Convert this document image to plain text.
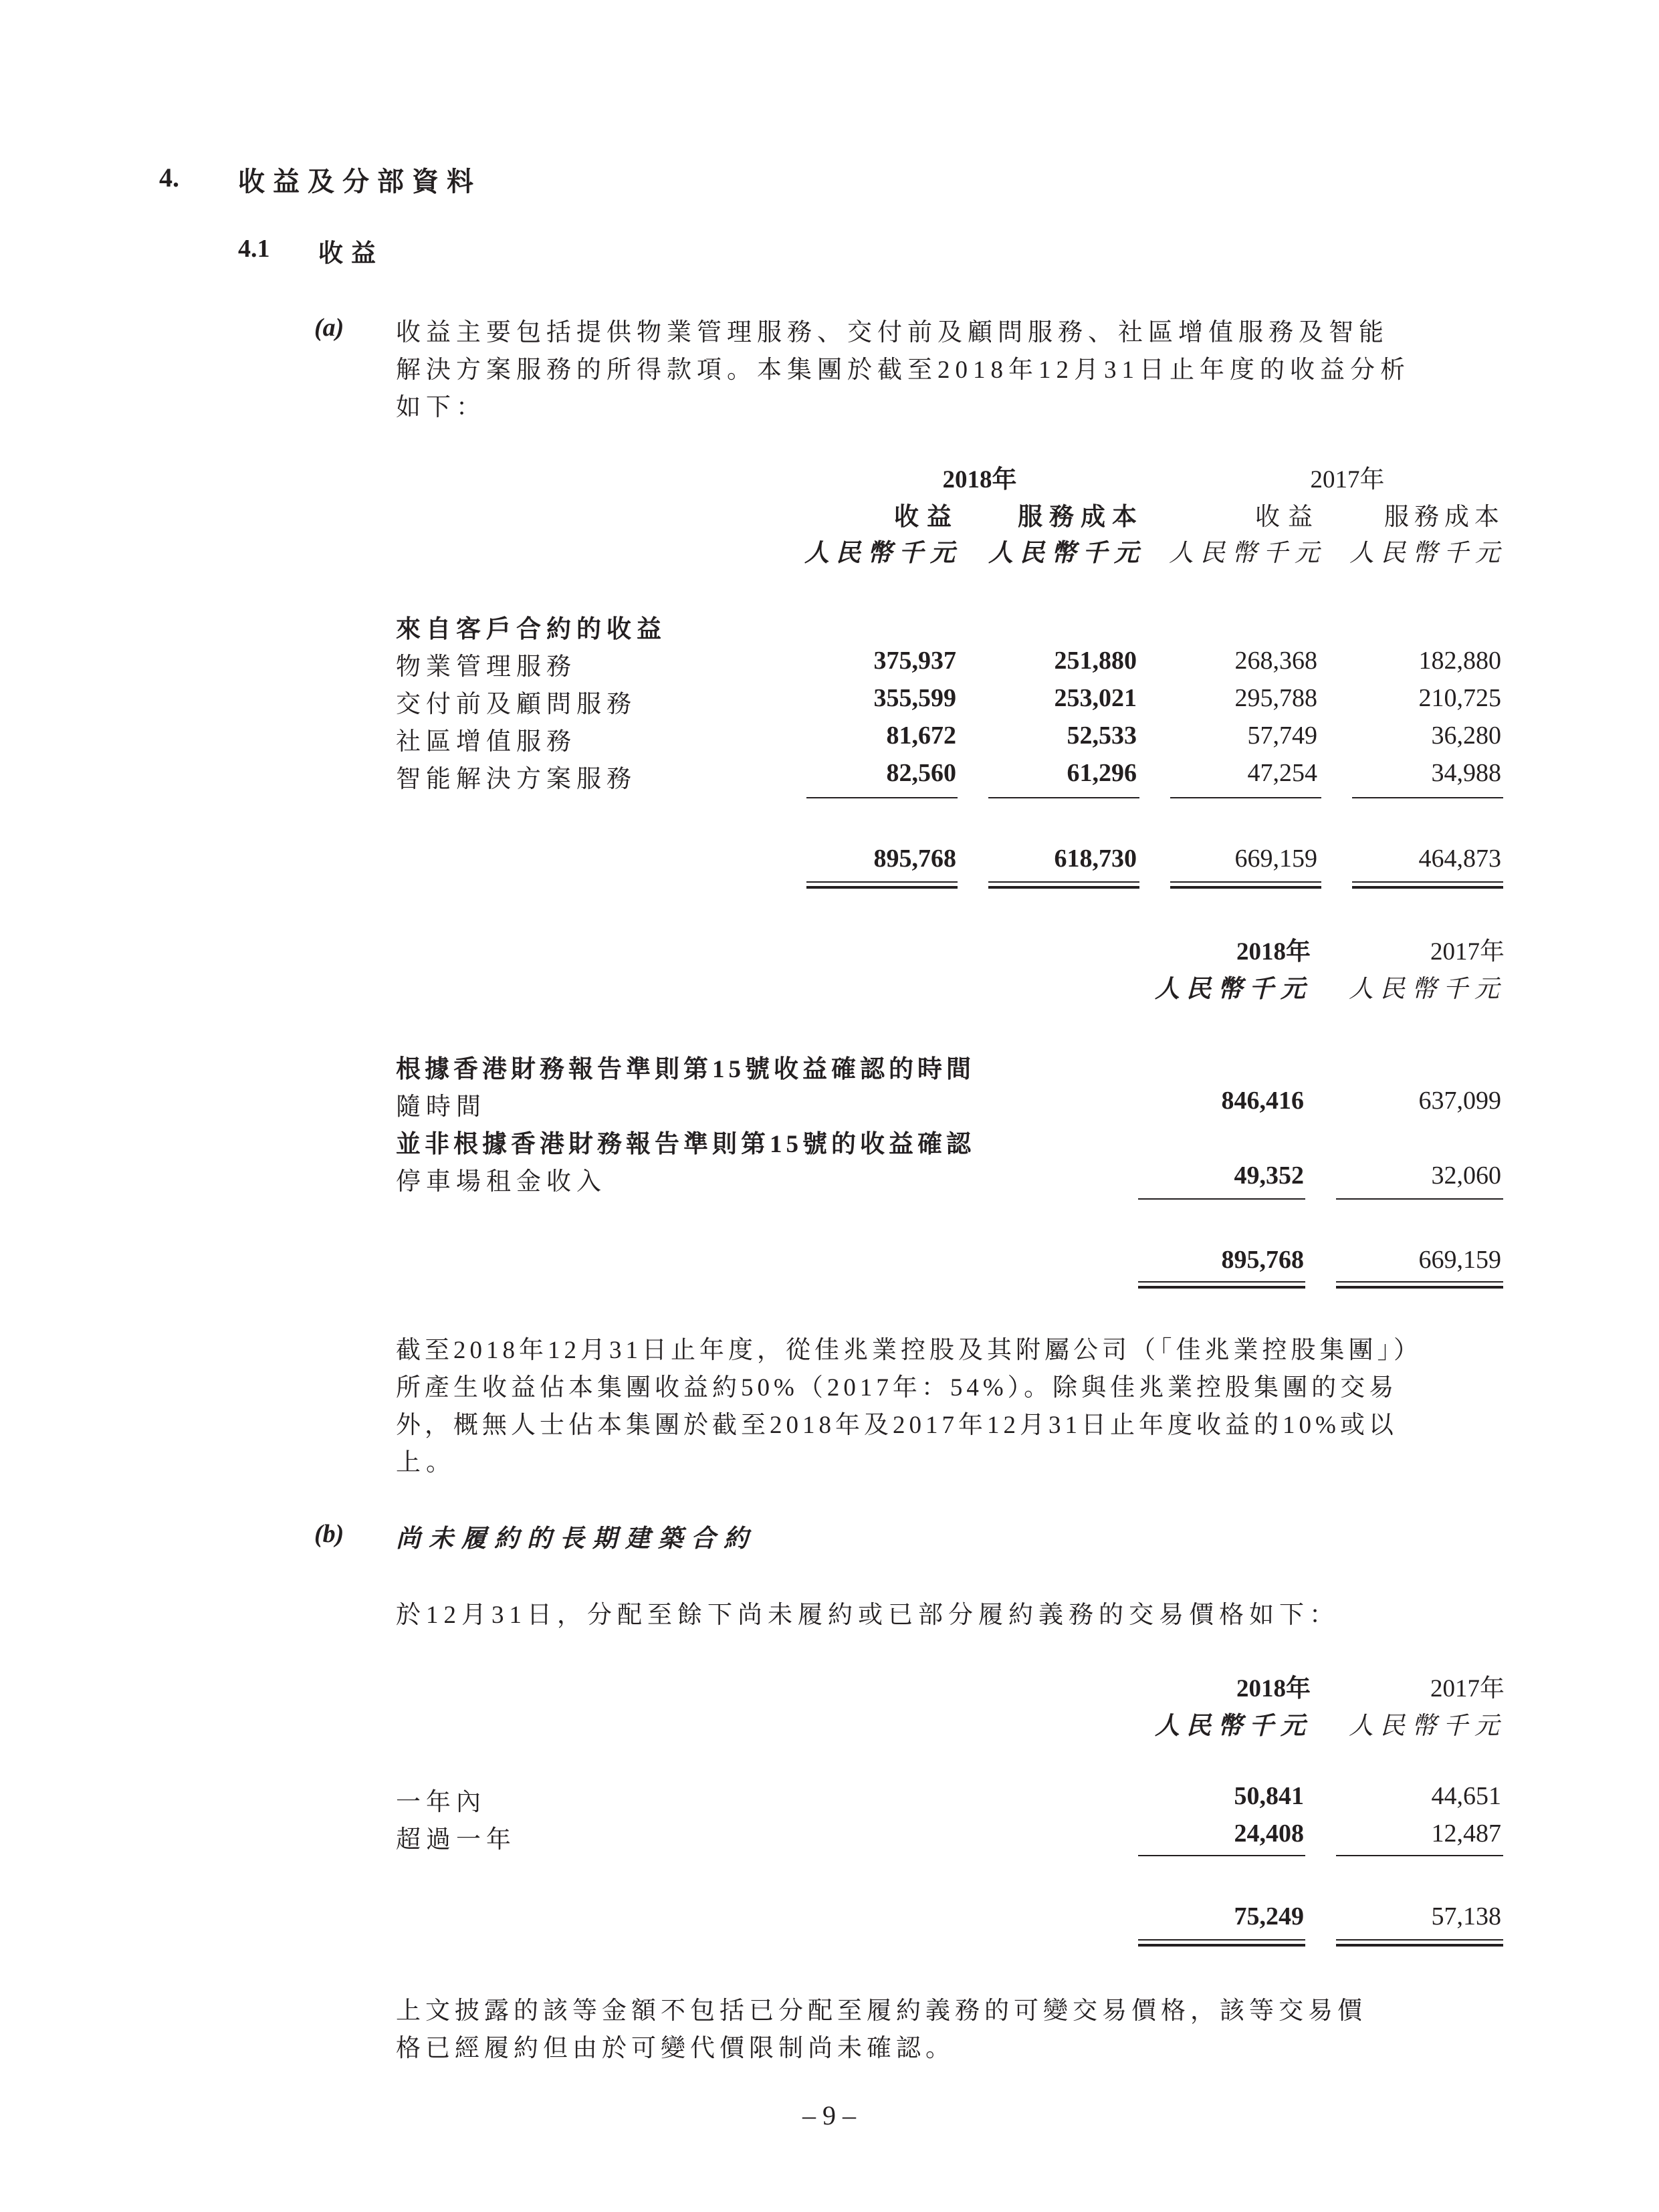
4. 收益及分部資料
4.1 收益
(a) 收益主要包括提供物業管理服務、交付前及顧問服務、社區增值服務及智能
解決方案服務的所得款項。本集團於截至2018年12月31日止年度的收益分析
如下：
2018年	2017年
收益	服務成本	收益	服務成本
人民幣千元	人民幣千元 人民幣千元 人民幣千元
來自客戶合約的收益
物業管理服務	375,937	251,880	268,368	182,880
交付前及顧問服務	355,599	253,021	295,788	210,725
社區增值服務	81,672	52,533	57,749	36,280
智能解決方案服務	82,560	61,296	47,254	34,988
895,768	618,730	669,159	464,873
2018年	2017年
人民幣千元	人民幣千元
根據香港財務報告準則第15號收益確認的時間
隨時間	846,416	637,099
並非根據香港財務報告準則第15號的收益確認
停車場租金收入	49,352	32,060
895,768	669,159
截至2018年12月31日止年度，從佳兆業控股及其附屬公司（「佳兆業控股集團」）
所產生收益佔本集團收益約50%（2017年：54%）。除與佳兆業控股集團的交易
外，概無人士佔本集團於截至2018年及2017年12月31日止年度收益的10%或以
上。
(b) 尚未履約的長期建築合約
於12月31日，分配至餘下尚未履約或已部分履約義務的交易價格如下：
2018年	2017年
人民幣千元	人民幣千元
一年內	50,841	44,651
超過一年	24,408	12,487
75,249	57,138
上文披露的該等金額不包括已分配至履約義務的可變交易價格，該等交易價
格已經履約但由於可變代價限制尚未確認。
– 9 –
